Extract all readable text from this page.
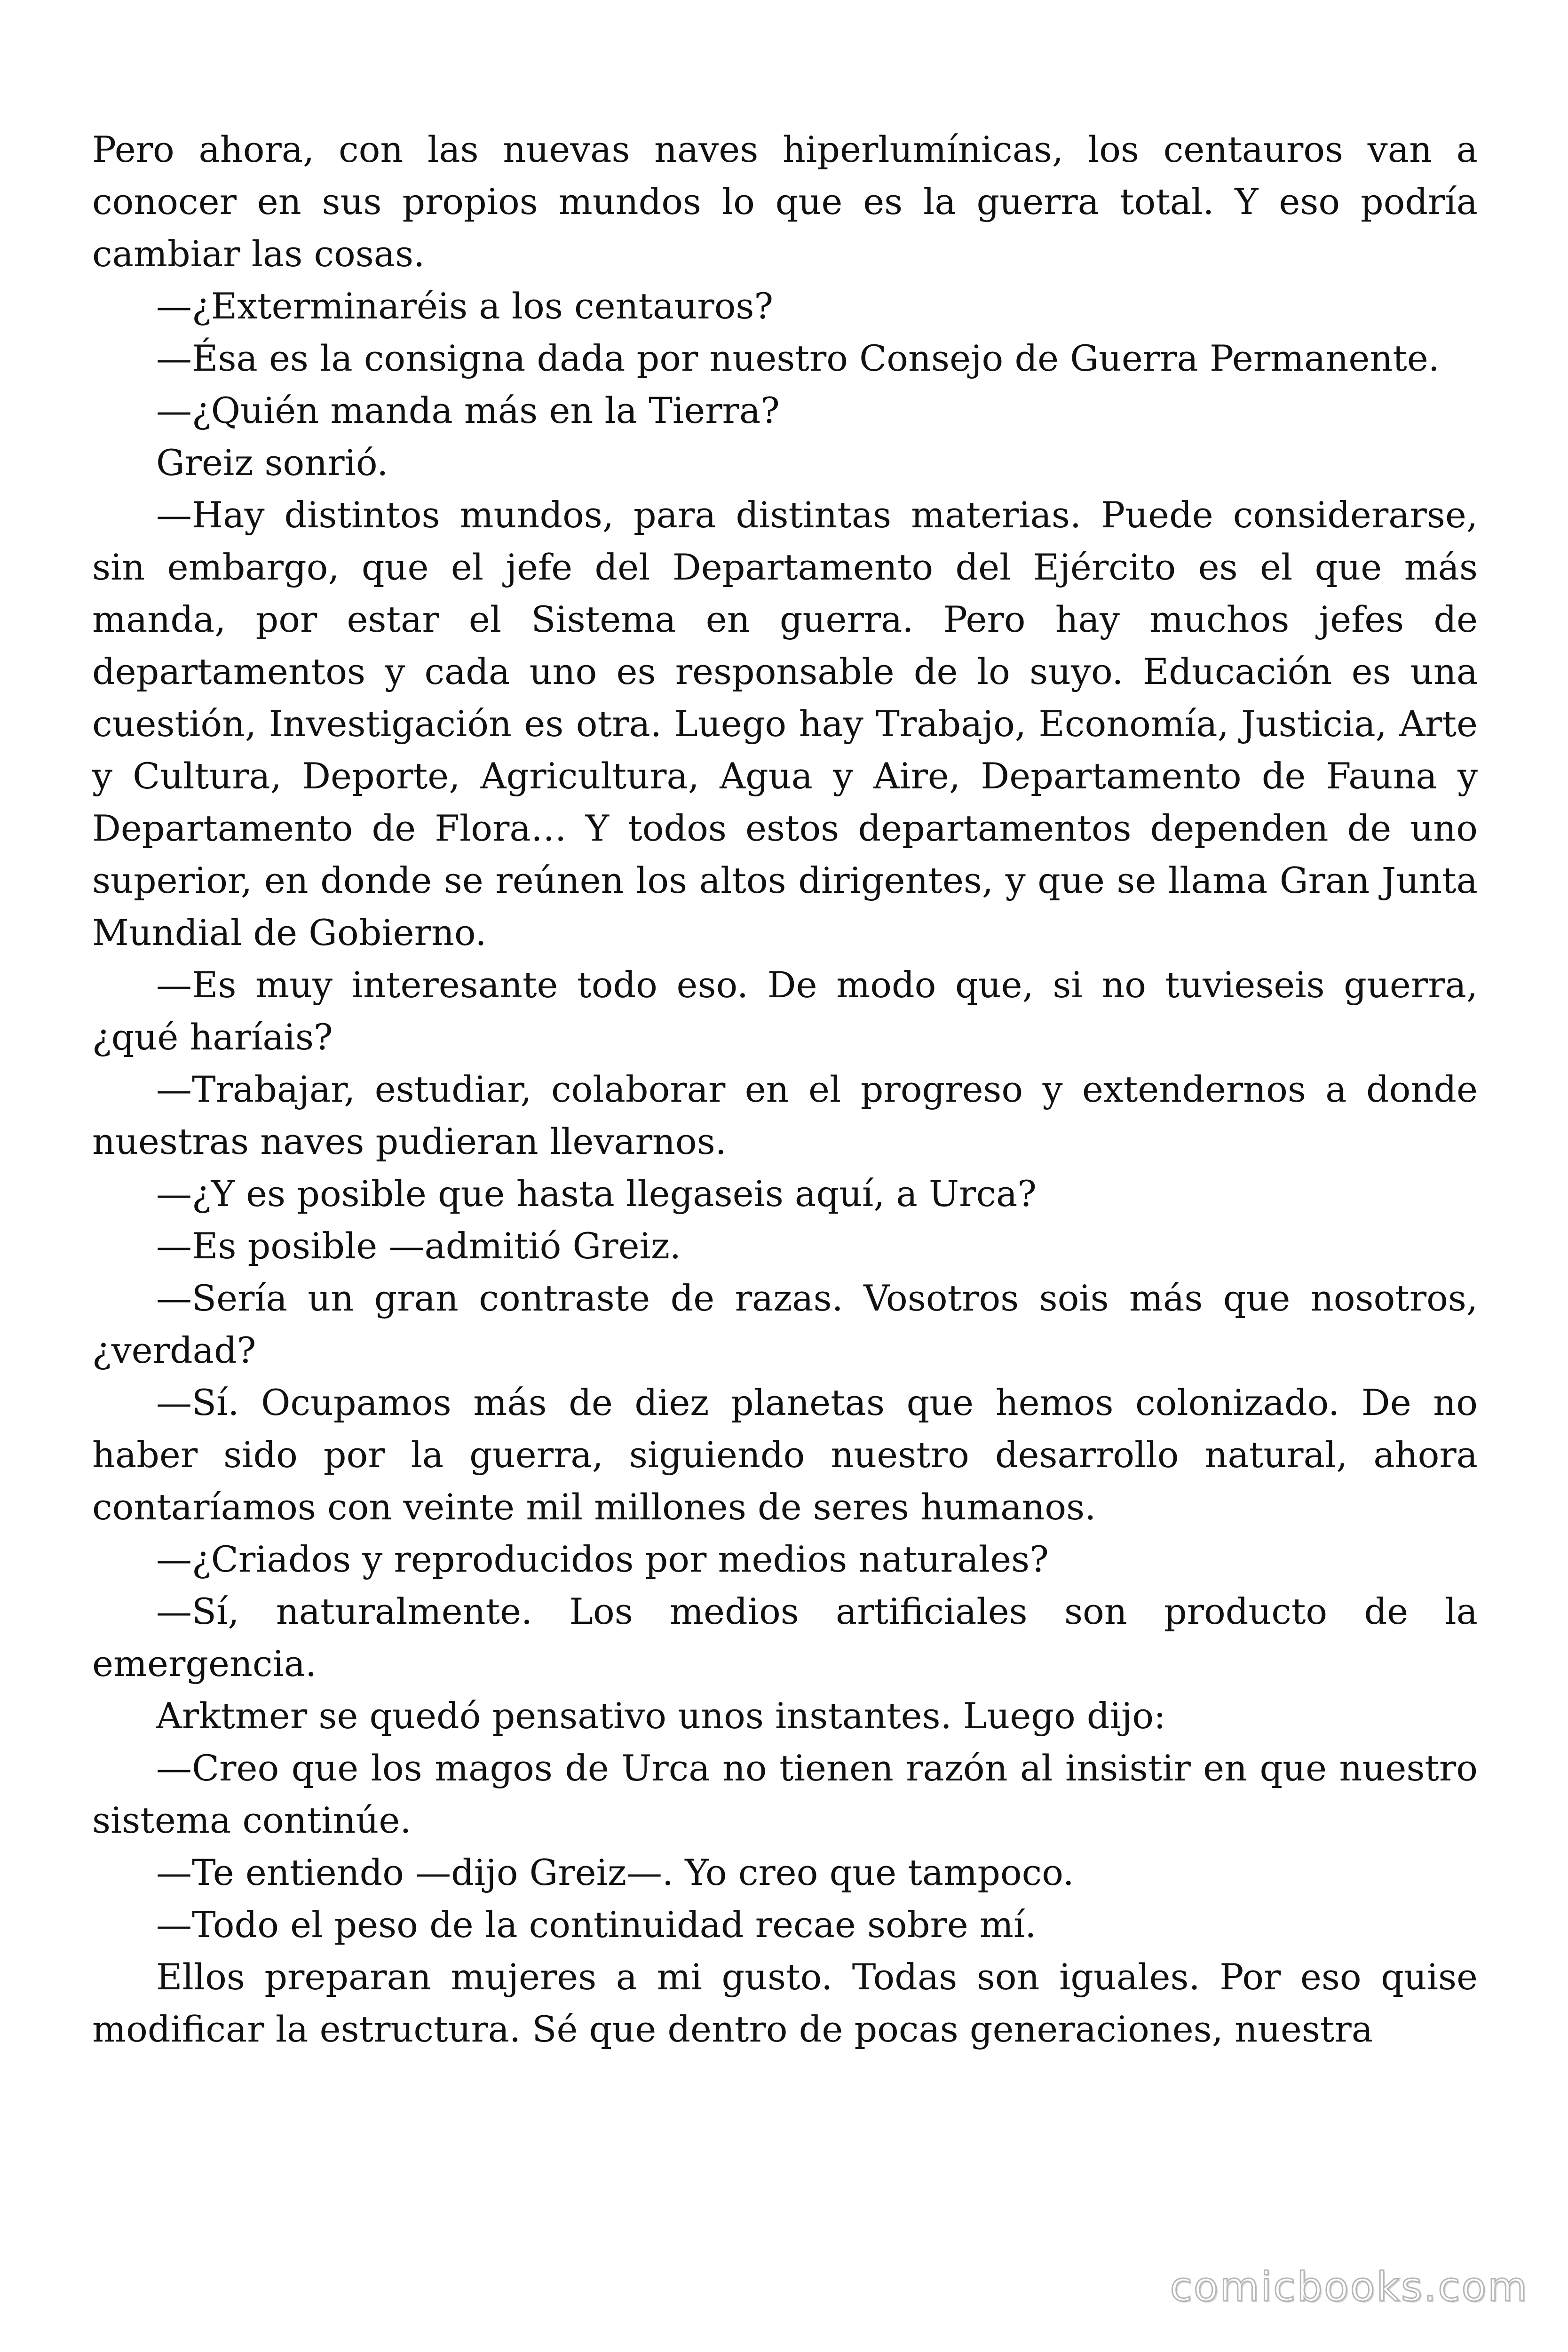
Pero ahora, con las nuevas naves hiperlumínicas, los centauros van a conocer en sus propios mundos lo que es la guerra total. Y eso podría cambiar las cosas.

—¿Exterminaréis a los centauros?

—Ésa es la consigna dada por nuestro Consejo de Guerra Permanente.

—¿Quién manda más en la Tierra?

Greiz sonrió.

—Hay distintos mundos, para distintas materias. Puede considerarse, sin embargo, que el jefe del Departamento del Ejército es el que más manda, por estar el Sistema en guerra. Pero hay muchos jefes de departamentos y cada uno es responsable de lo suyo. Educación es una cuestión, Investigación es otra. Luego hay Trabajo, Economía, Justicia, Arte y Cultura, Deporte, Agricultura, Agua y Aire, Departamento de Fauna y Departamento de Flora… Y todos estos departamentos dependen de uno superior, en donde se reúnen los altos dirigentes, y que se llama Gran Junta Mundial de Gobierno.

—Es muy interesante todo eso. De modo que, si no tuvieseis guerra, ¿qué haríais?

—Trabajar, estudiar, colaborar en el progreso y extendernos a donde nuestras naves pudieran llevarnos.

—¿Y es posible que hasta llegaseis aquí, a Urca?

—Es posible —admitió Greiz.

—Sería un gran contraste de razas. Vosotros sois más que nosotros, ¿verdad?

—Sí. Ocupamos más de diez planetas que hemos colonizado. De no haber sido por la guerra, siguiendo nuestro desarrollo natural, ahora contaríamos con veinte mil millones de seres humanos.

—¿Criados y reproducidos por medios naturales?

—Sí, naturalmente. Los medios artificiales son producto de la emergencia.

Arktmer se quedó pensativo unos instantes. Luego dijo:

—Creo que los magos de Urca no tienen razón al insistir en que nuestro sistema continúe.

—Te entiendo —dijo Greiz—. Yo creo que tampoco.

—Todo el peso de la continuidad recae sobre mí.

Ellos preparan mujeres a mi gusto. Todas son iguales. Por eso quise modificar la estructura. Sé que dentro de pocas generaciones, nuestra

comicbooks.com
